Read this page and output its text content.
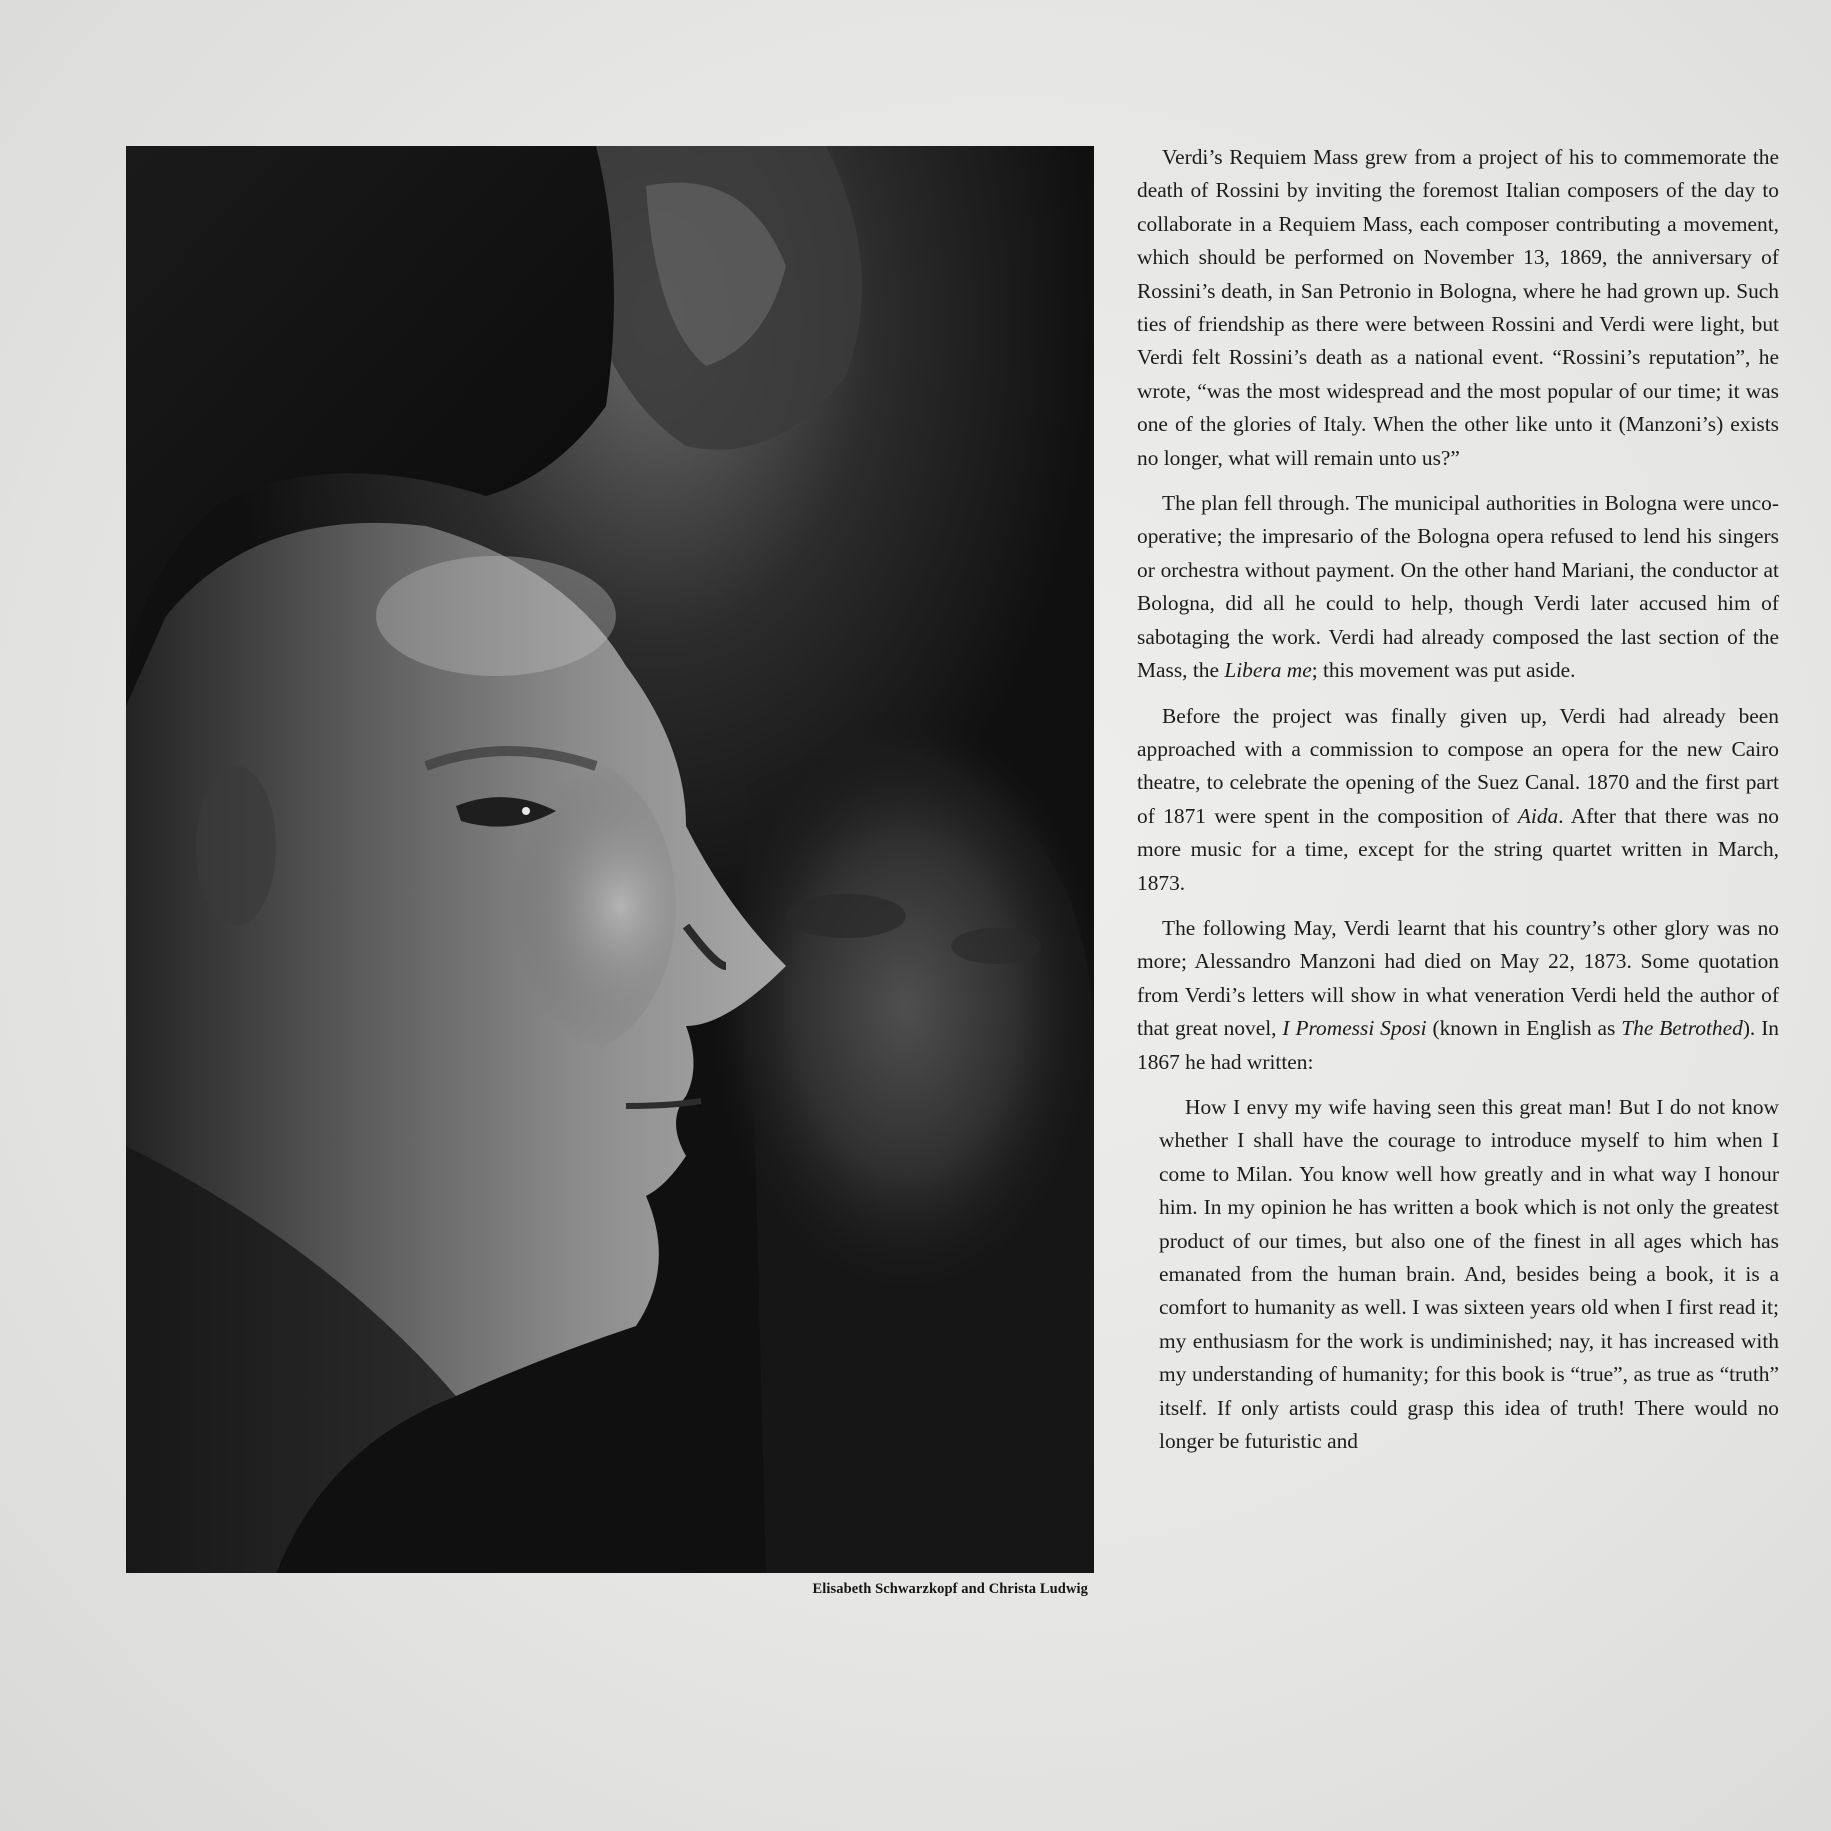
Elisabeth Schwarzkopf and Christa Ludwig

Verdi’s Requiem Mass grew from a project of his to commemorate the death of Rossini by inviting the foremost Italian composers of the day to collaborate in a Requiem Mass, each composer contributing a movement, which should be performed on November 13, 1869, the anniversary of Rossini’s death, in San Petronio in Bologna, where he had grown up. Such ties of friendship as there were between Rossini and Verdi were light, but Verdi felt Rossini’s death as a national event. “Rossini’s reputation”, he wrote, “was the most widespread and the most popular of our time; it was one of the glories of Italy. When the other like unto it (Manzoni’s) exists no longer, what will remain unto us?”

The plan fell through. The municipal authorities in Bologna were unco-operative; the impresario of the Bologna opera refused to lend his singers or orchestra without payment. On the other hand Mariani, the conductor at Bologna, did all he could to help, though Verdi later accused him of sabotaging the work. Verdi had already composed the last section of the Mass, the Libera me; this movement was put aside.

Before the project was finally given up, Verdi had already been approached with a commission to compose an opera for the new Cairo theatre, to celebrate the opening of the Suez Canal. 1870 and the first part of 1871 were spent in the composition of Aida. After that there was no more music for a time, except for the string quartet written in March, 1873.

The following May, Verdi learnt that his country’s other glory was no more; Alessandro Manzoni had died on May 22, 1873. Some quotation from Verdi’s letters will show in what veneration Verdi held the author of that great novel, I Promessi Sposi (known in English as The Betrothed). In 1867 he had written:

How I envy my wife having seen this great man! But I do not know whether I shall have the courage to introduce myself to him when I come to Milan. You know well how greatly and in what way I honour him. In my opinion he has written a book which is not only the greatest product of our times, but also one of the finest in all ages which has emanated from the human brain. And, besides being a book, it is a comfort to humanity as well. I was sixteen years old when I first read it; my enthusiasm for the work is undiminished; nay, it has increased with my understanding of humanity; for this book is “true”, as true as “truth” itself. If only artists could grasp this idea of truth! There would no longer be futuristic and
